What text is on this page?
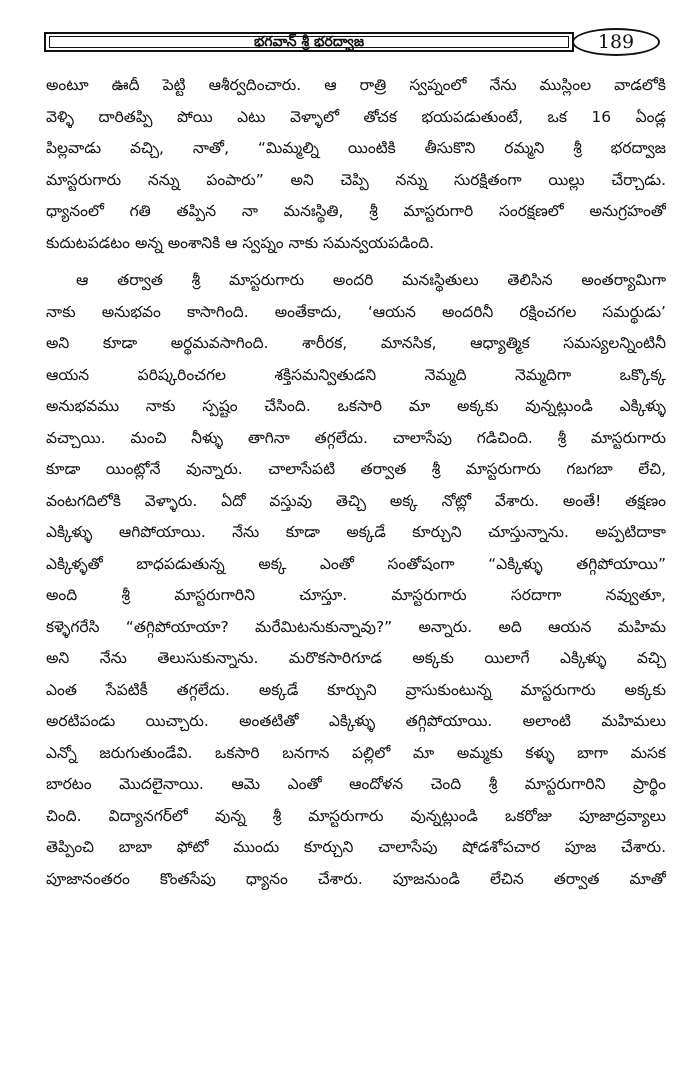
భగవాన్ శ్రీ భరద్వాజ	189
అంటూ ఊదీ పెట్టి ఆశీర్వదించారు. ఆ రాత్రి స్వప్నంలో నేను ముస్లింల వాడలోకి
వెళ్ళి దారితప్పి పోయి ఎటు వెళ్ళాలో తోచక భయపడుతుంటే, ఒక 16 ఏండ్ల
పిల్లవాడు వచ్చి, నాతో, “మిమ్మల్ని యింటికి తీసుకొని రమ్మని శ్రీ భరద్వాజ
మాస్టరుగారు నన్ను పంపారు” అని చెప్పి నన్ను సురక్షితంగా యిల్లు చేర్చాడు.
ధ్యానంలో గతి తప్పిన నా మనఃస్థితి, శ్రీ మాస్టరుగారి సంరక్షణలో అనుగ్రహంతో
కుదుటపడటం అన్న అంశానికి ఆ స్వప్నం నాకు సమన్వయపడింది.
ఆ తర్వాత శ్రీ మాస్టరుగారు అందరి మనఃస్థితులు తెలిసిన అంతర్యామిగా
నాకు అనుభవం కాసాగింది. అంతేకాదు, ‘ఆయన అందరినీ రక్షించగల సమర్థుడు’
అని కూడా అర్థమవసాగింది. శారీరక, మానసిక, ఆధ్యాత్మిక సమస్యలన్నింటినీ
ఆయన పరిష్కరించగల శక్తిసమన్వితుడని నెమ్మది నెమ్మదిగా ఒక్కొక్క
అనుభవము నాకు స్పష్టం చేసింది. ఒకసారి మా అక్కకు వున్నట్లుండి ఎక్కిళ్ళు
వచ్చాయి. మంచి నీళ్ళు తాగినా తగ్గలేదు. చాలాసేపు గడిచింది. శ్రీ మాస్టరుగారు
కూడా యింట్లోనే వున్నారు. చాలాసేపటి తర్వాత శ్రీ మాస్టరుగారు గబగబా లేచి,
వంటగదిలోకి వెళ్ళారు. ఏదో వస్తువు తెచ్చి అక్క నోట్లో వేశారు. అంతే! తక్షణం
ఎక్కిళ్ళు ఆగిపోయాయి. నేను కూడా అక్కడే కూర్చుని చూస్తున్నాను. అప్పటిదాకా
ఎక్కిళ్ళతో బాధపడుతున్న అక్క ఎంతో సంతోషంగా “ఎక్కిళ్ళు తగ్గిపోయాయి”
అంది శ్రీ మాస్టరుగారిని చూస్తూ. మాస్టరుగారు సరదాగా నవ్వుతూ,
కళ్ళెగరేసి “తగ్గిపోయాయా? మరేమిటనుకున్నావు?” అన్నారు. అది ఆయన మహిమ
అని నేను తెలుసుకున్నాను. మరొకసారిగూడ అక్కకు యిలాగే ఎక్కిళ్ళు వచ్చి
ఎంత సేపటికీ తగ్గలేదు. అక్కడే కూర్చుని వ్రాసుకుంటున్న మాస్టరుగారు అక్కకు
అరటిపండు యిచ్చారు. అంతటితో ఎక్కిళ్ళు తగ్గిపోయాయి. అలాంటి మహిమలు
ఎన్నో జరుగుతుండేవి. ఒకసారి బనగాన పల్లిలో మా అమ్మకు కళ్ళు బాగా మసక
బారటం మొదలైనాయి. ఆమె ఎంతో ఆందోళన చెంది శ్రీ మాస్టరుగారిని ప్రార్థిం
చింది. విద్యానగర్‌లో వున్న శ్రీ మాస్టరుగారు వున్నట్లుండి ఒకరోజు పూజాద్రవ్యాలు
తెప్పించి బాబా ఫోటో ముందు కూర్చుని చాలాసేపు షోడశోపచార పూజ చేశారు.
పూజానంతరం కొంతసేపు ధ్యానం చేశారు. పూజనుండి లేచిన తర్వాత మాతో
